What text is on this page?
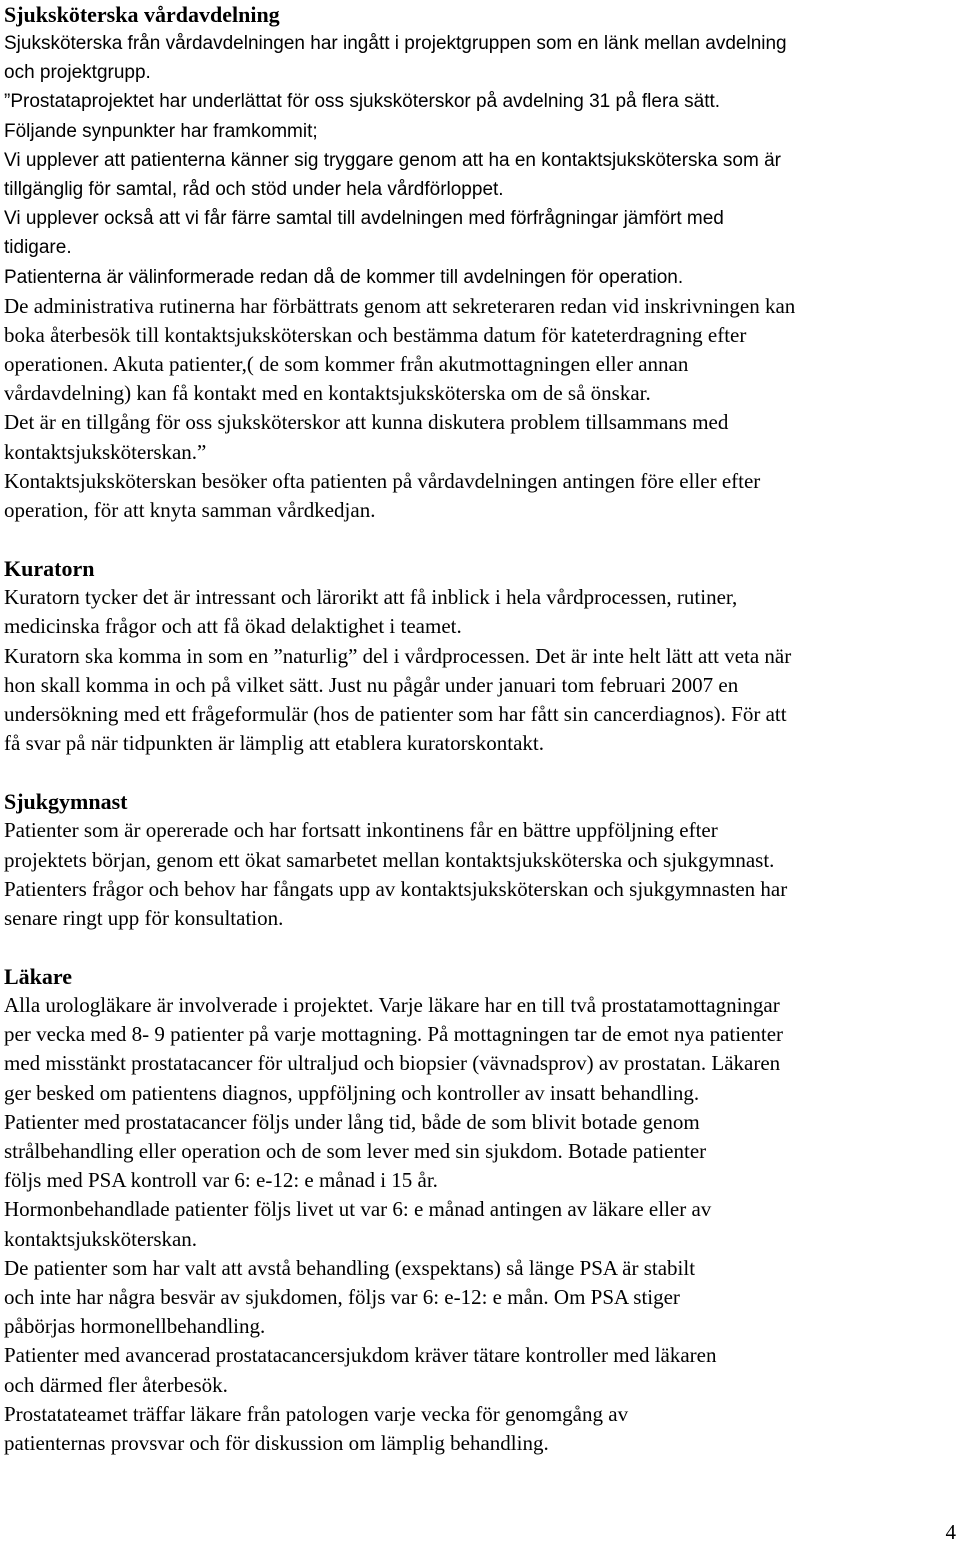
Sjuksköterska vårdavdelning
Sjuksköterska från vårdavdelningen har ingått i projektgruppen som en länk mellan avdelning
och projektgrupp.
”Prostataprojektet har underlättat för oss sjuksköterskor på avdelning 31 på flera sätt.
Följande synpunkter har framkommit;
Vi upplever att patienterna känner sig tryggare genom att ha en kontaktsjuksköterska som är
tillgänglig för samtal, råd och stöd under hela vårdförloppet.
Vi upplever också att vi får färre samtal till avdelningen med förfrågningar jämfört med
tidigare.
Patienterna är välinformerade redan då de kommer till avdelningen för operation.
De administrativa rutinerna har förbättrats genom att sekreteraren redan vid inskrivningen kan
boka återbesök till kontaktsjuksköterskan och bestämma datum för kateterdragning efter
operationen. Akuta patienter,( de som kommer från akutmottagningen eller annan
vårdavdelning) kan få kontakt med en kontaktsjuksköterska om de så önskar.
Det är en tillgång för oss sjuksköterskor att kunna diskutera problem tillsammans med
kontaktsjuksköterskan.”
Kontaktsjuksköterskan besöker ofta patienten på vårdavdelningen antingen före eller efter
operation, för att knyta samman vårdkedjan.
Kuratorn
Kuratorn tycker det är intressant och lärorikt att få inblick i hela vårdprocessen, rutiner,
medicinska frågor och att få ökad delaktighet i teamet.
Kuratorn ska komma in som en ”naturlig” del i vårdprocessen. Det är inte helt lätt att veta när
hon skall komma in och på vilket sätt. Just nu pågår under januari tom februari 2007 en
undersökning med ett frågeformulär (hos de patienter som har fått sin cancerdiagnos). För att
få svar på när tidpunkten är lämplig att etablera kuratorskontakt.
Sjukgymnast
Patienter som är opererade och har fortsatt inkontinens får en bättre uppföljning efter
projektets början, genom ett ökat samarbetet mellan kontaktsjuksköterska och sjukgymnast.
Patienters frågor och behov har fångats upp av kontaktsjuksköterskan och sjukgymnasten har
senare ringt upp för konsultation.
Läkare
Alla urologläkare är involverade i projektet. Varje läkare har en till två prostatamottagningar
per vecka med 8- 9 patienter på varje mottagning. På mottagningen tar de emot nya patienter
med misstänkt prostatacancer för ultraljud och biopsier (vävnadsprov) av prostatan. Läkaren
ger besked om patientens diagnos, uppföljning och kontroller av insatt behandling.
Patienter med prostatacancer följs under lång tid, både de som blivit botade genom
strålbehandling eller operation och de som lever med sin sjukdom. Botade patienter
följs med PSA kontroll var 6: e-12: e månad i 15 år.
Hormonbehandlade patienter följs livet ut var 6: e månad antingen av läkare eller av
kontaktsjuksköterskan.
De patienter som har valt att avstå behandling (exspektans) så länge PSA är stabilt
och inte har några besvär av sjukdomen, följs var 6: e-12: e mån. Om PSA stiger
påbörjas hormonellbehandling.
Patienter med avancerad prostatacancersjukdom kräver tätare kontroller med läkaren
och därmed fler återbesök.
Prostatateamet träffar läkare från patologen varje vecka för genomgång av
patienternas provsvar och för diskussion om lämplig behandling.
4
